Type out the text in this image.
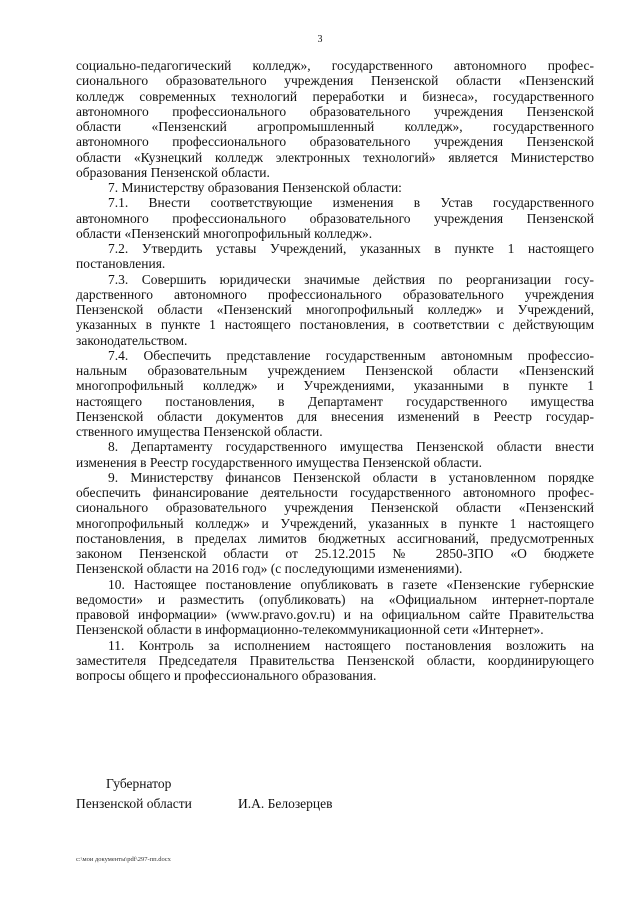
3
социально-педагогический колледж», государственного автономного профес-
сионального образовательного учреждения Пензенской области «Пензенский
колледж современных технологий переработки и бизнеса», государственного
автономного профессионального образовательного учреждения Пензенской
области «Пензенский агропромышленный колледж», государственного
автономного профессионального образовательного учреждения Пензенской
области «Кузнецкий колледж электронных технологий» является Министерство
образования Пензенской области.
7. Министерству образования Пензенской области:
7.1. Внести соответствующие изменения в Устав государственного
автономного профессионального образовательного учреждения Пензенской
области «Пензенский многопрофильный колледж».
7.2. Утвердить уставы Учреждений, указанных в пункте 1 настоящего
постановления.
7.3. Совершить юридически значимые действия по реорганизации госу-
дарственного автономного профессионального образовательного учреждения
Пензенской области «Пензенский многопрофильный колледж» и Учреждений,
указанных в пункте 1 настоящего постановления, в соответствии с действующим
законодательством.
7.4. Обеспечить представление государственным автономным профессио-
нальным образовательным учреждением Пензенской области «Пензенский
многопрофильный колледж» и Учреждениями, указанными в пункте 1
настоящего постановления, в Департамент государственного имущества
Пензенской области документов для внесения изменений в Реестр государ-
ственного имущества Пензенской области.
8. Департаменту государственного имущества Пензенской области внести
изменения в Реестр государственного имущества Пензенской области.
9. Министерству финансов Пензенской области в установленном порядке
обеспечить финансирование деятельности государственного автономного профес-
сионального образовательного учреждения Пензенской области «Пензенский
многопрофильный колледж» и Учреждений, указанных в пункте 1 настоящего
постановления, в пределах лимитов бюджетных ассигнований, предусмотренных
законом Пензенской области от 25.12.2015 № 2850-ЗПО «О бюджете
Пензенской области на 2016 год» (с последующими изменениями).
10. Настоящее постановление опубликовать в газете «Пензенские губернские
ведомости» и разместить (опубликовать) на «Официальном интернет-портале
правовой информации» (www.pravo.gov.ru) и на официальном сайте Правительства
Пензенской области в информационно-телекоммуникационной сети «Интернет».
11. Контроль за исполнением настоящего постановления возложить на
заместителя Председателя Правительства Пензенской области, координирующего
вопросы общего и профессионального образования.
Губернатор
Пензенской области	И.А. Белозерцев
c:\мои документы\pdf\297-пп.docx
